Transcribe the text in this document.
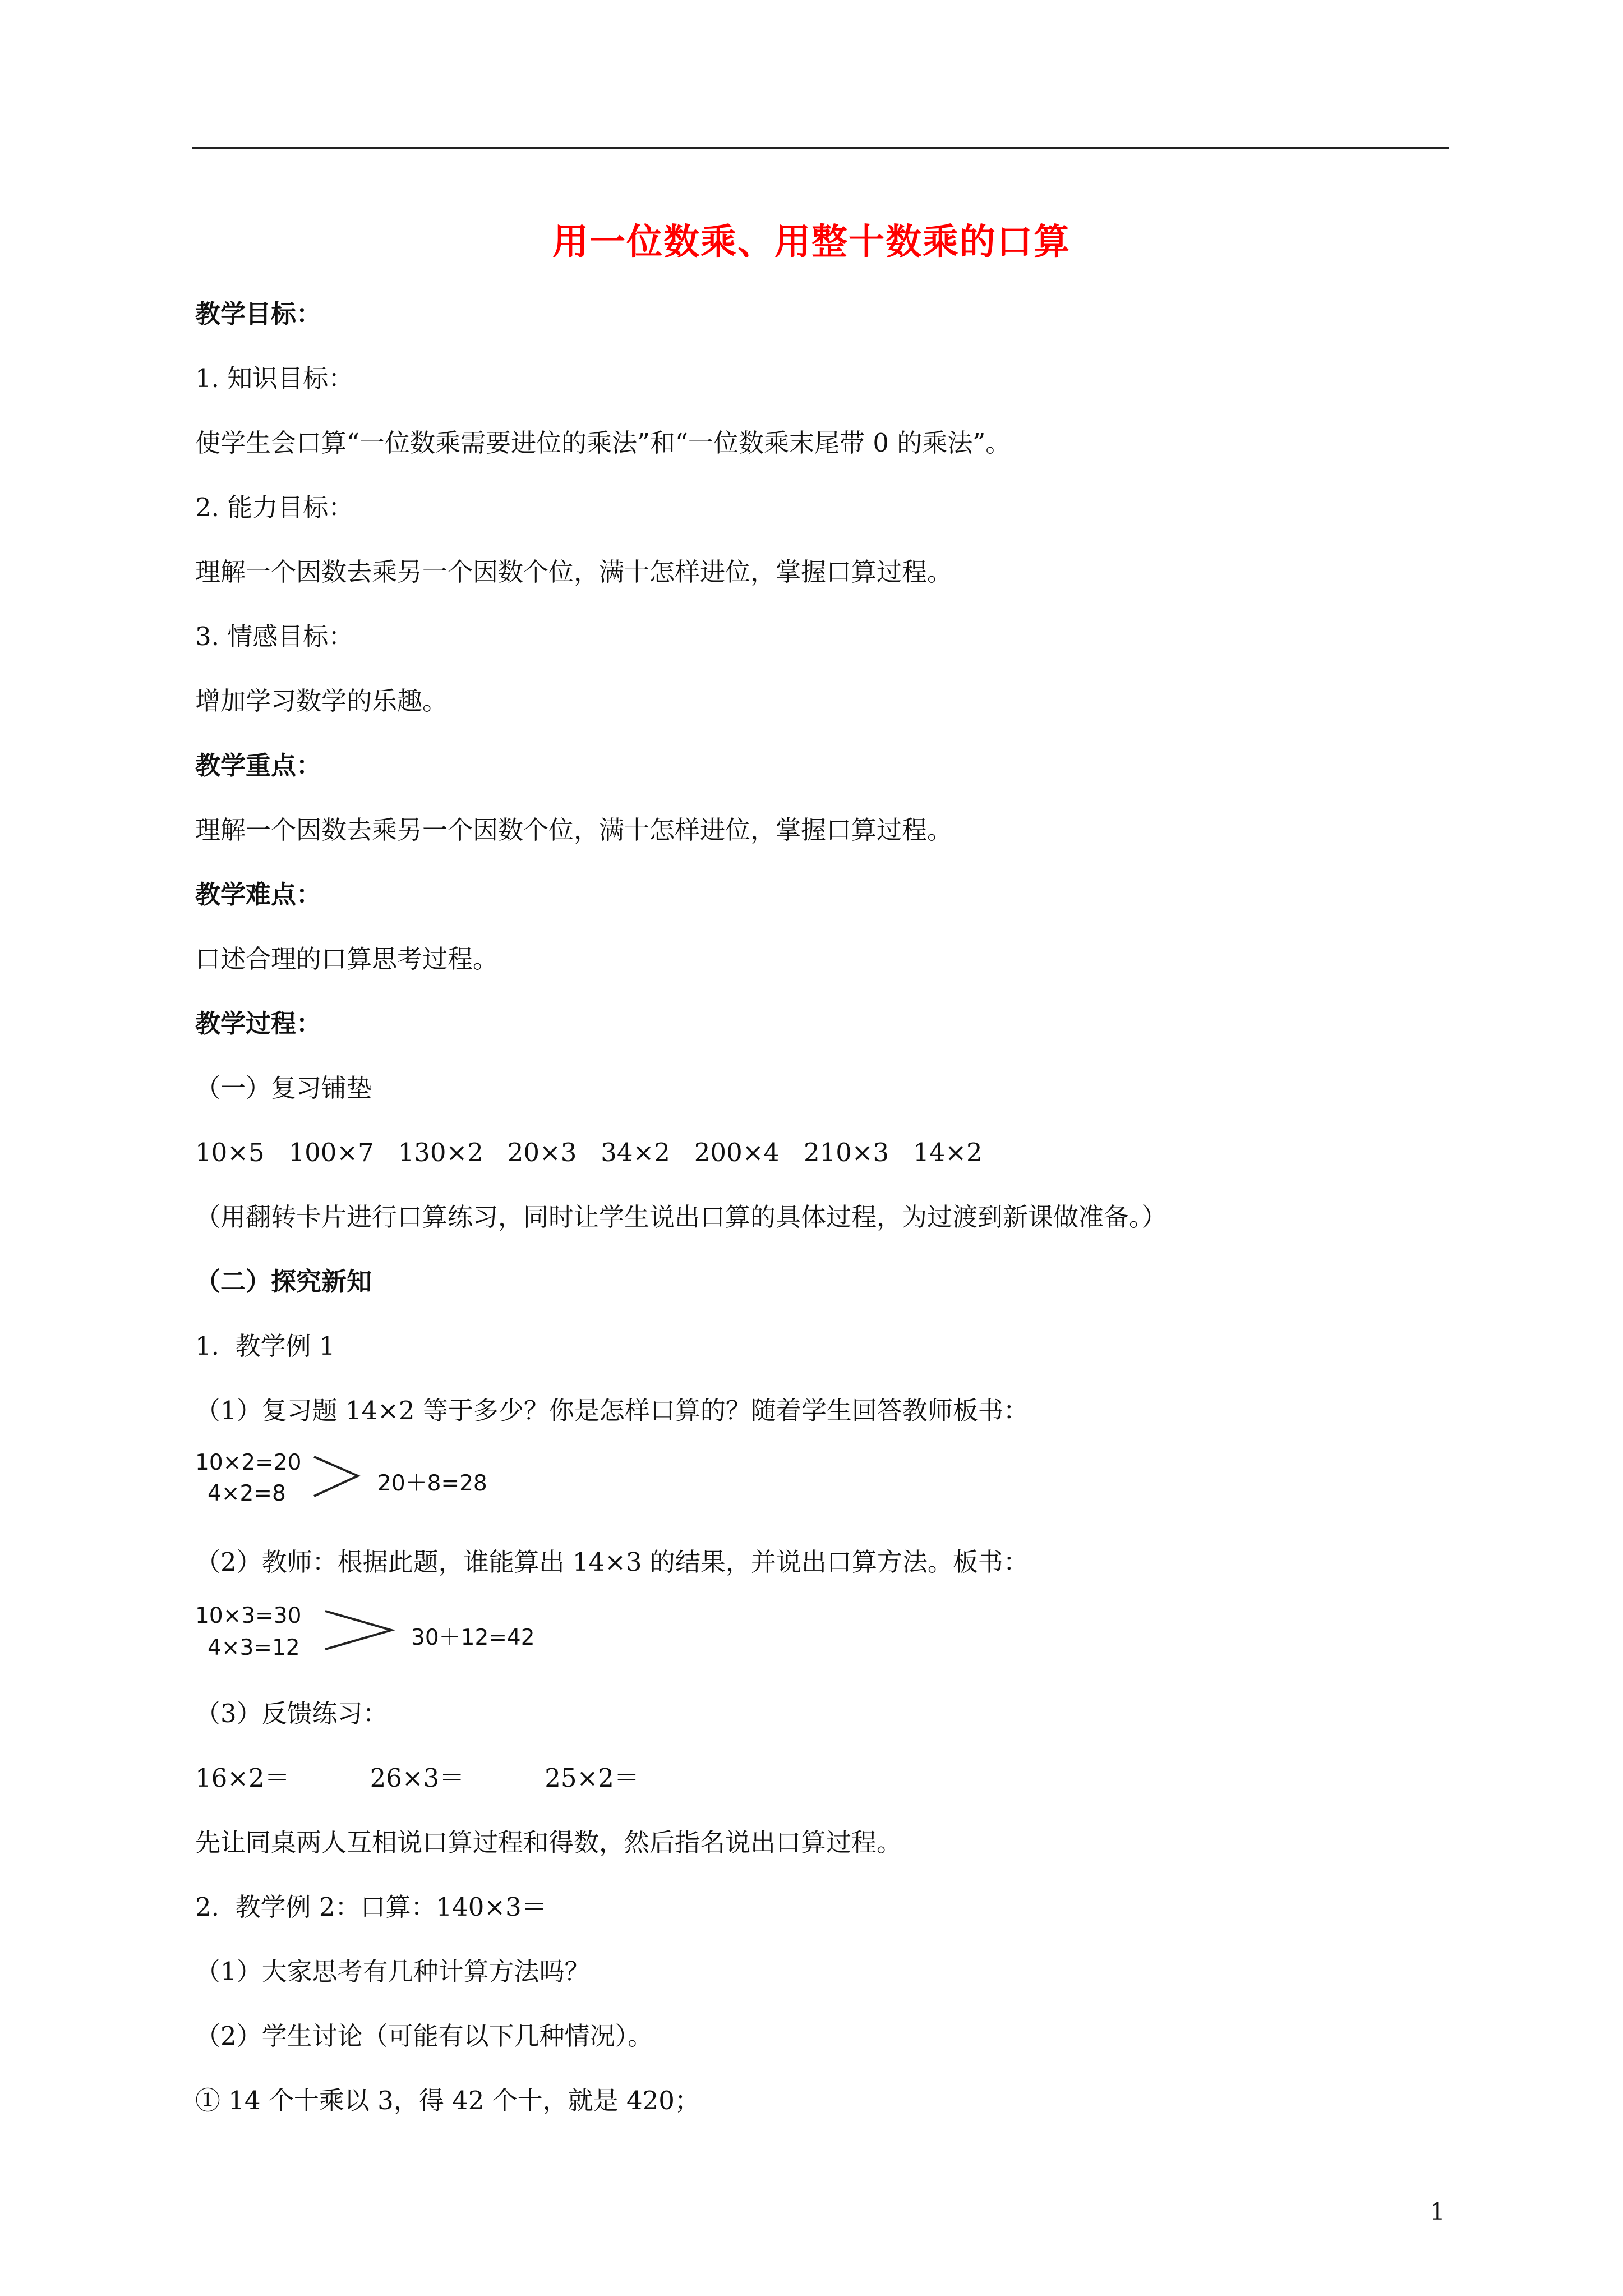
用一位数乘、用整十数乘的口算
教学目标：
1. 知识目标：
使学生会口算“一位数乘需要进位的乘法”和“一位数乘末尾带 0 的乘法”。
2. 能力目标：
理解一个因数去乘另一个因数个位，满十怎样进位，掌握口算过程。
3. 情感目标：
增加学习数学的乐趣。
教学重点：
理解一个因数去乘另一个因数个位，满十怎样进位，掌握口算过程。
教学难点：
口述合理的口算思考过程。
教学过程：
（一）复习铺垫
10×5   100×7   130×2   20×3   34×2   200×4   210×3   14×2
（用翻转卡片进行口算练习，同时让学生说出口算的具体过程，为过渡到新课做准备。）
（二）探究新知
1.  教学例 1
（1）复习题 14×2 等于多少？你是怎样口算的？随着学生回答教师板书：
10×2=20
4×2=8	20＋8=28
（2）教师：根据此题，谁能算出 14×3 的结果，并说出口算方法。板书：
10×3=30
4×3=12	30＋12=42
（3）反馈练习：
16×2＝          26×3＝          25×2＝
先让同桌两人互相说口算过程和得数，然后指名说出口算过程。
2.  教学例 2：口算：140×3＝
（1）大家思考有几种计算方法吗？
（2）学生讨论（可能有以下几种情况）。
① 14 个十乘以 3，得 42 个十，就是 420；
1
